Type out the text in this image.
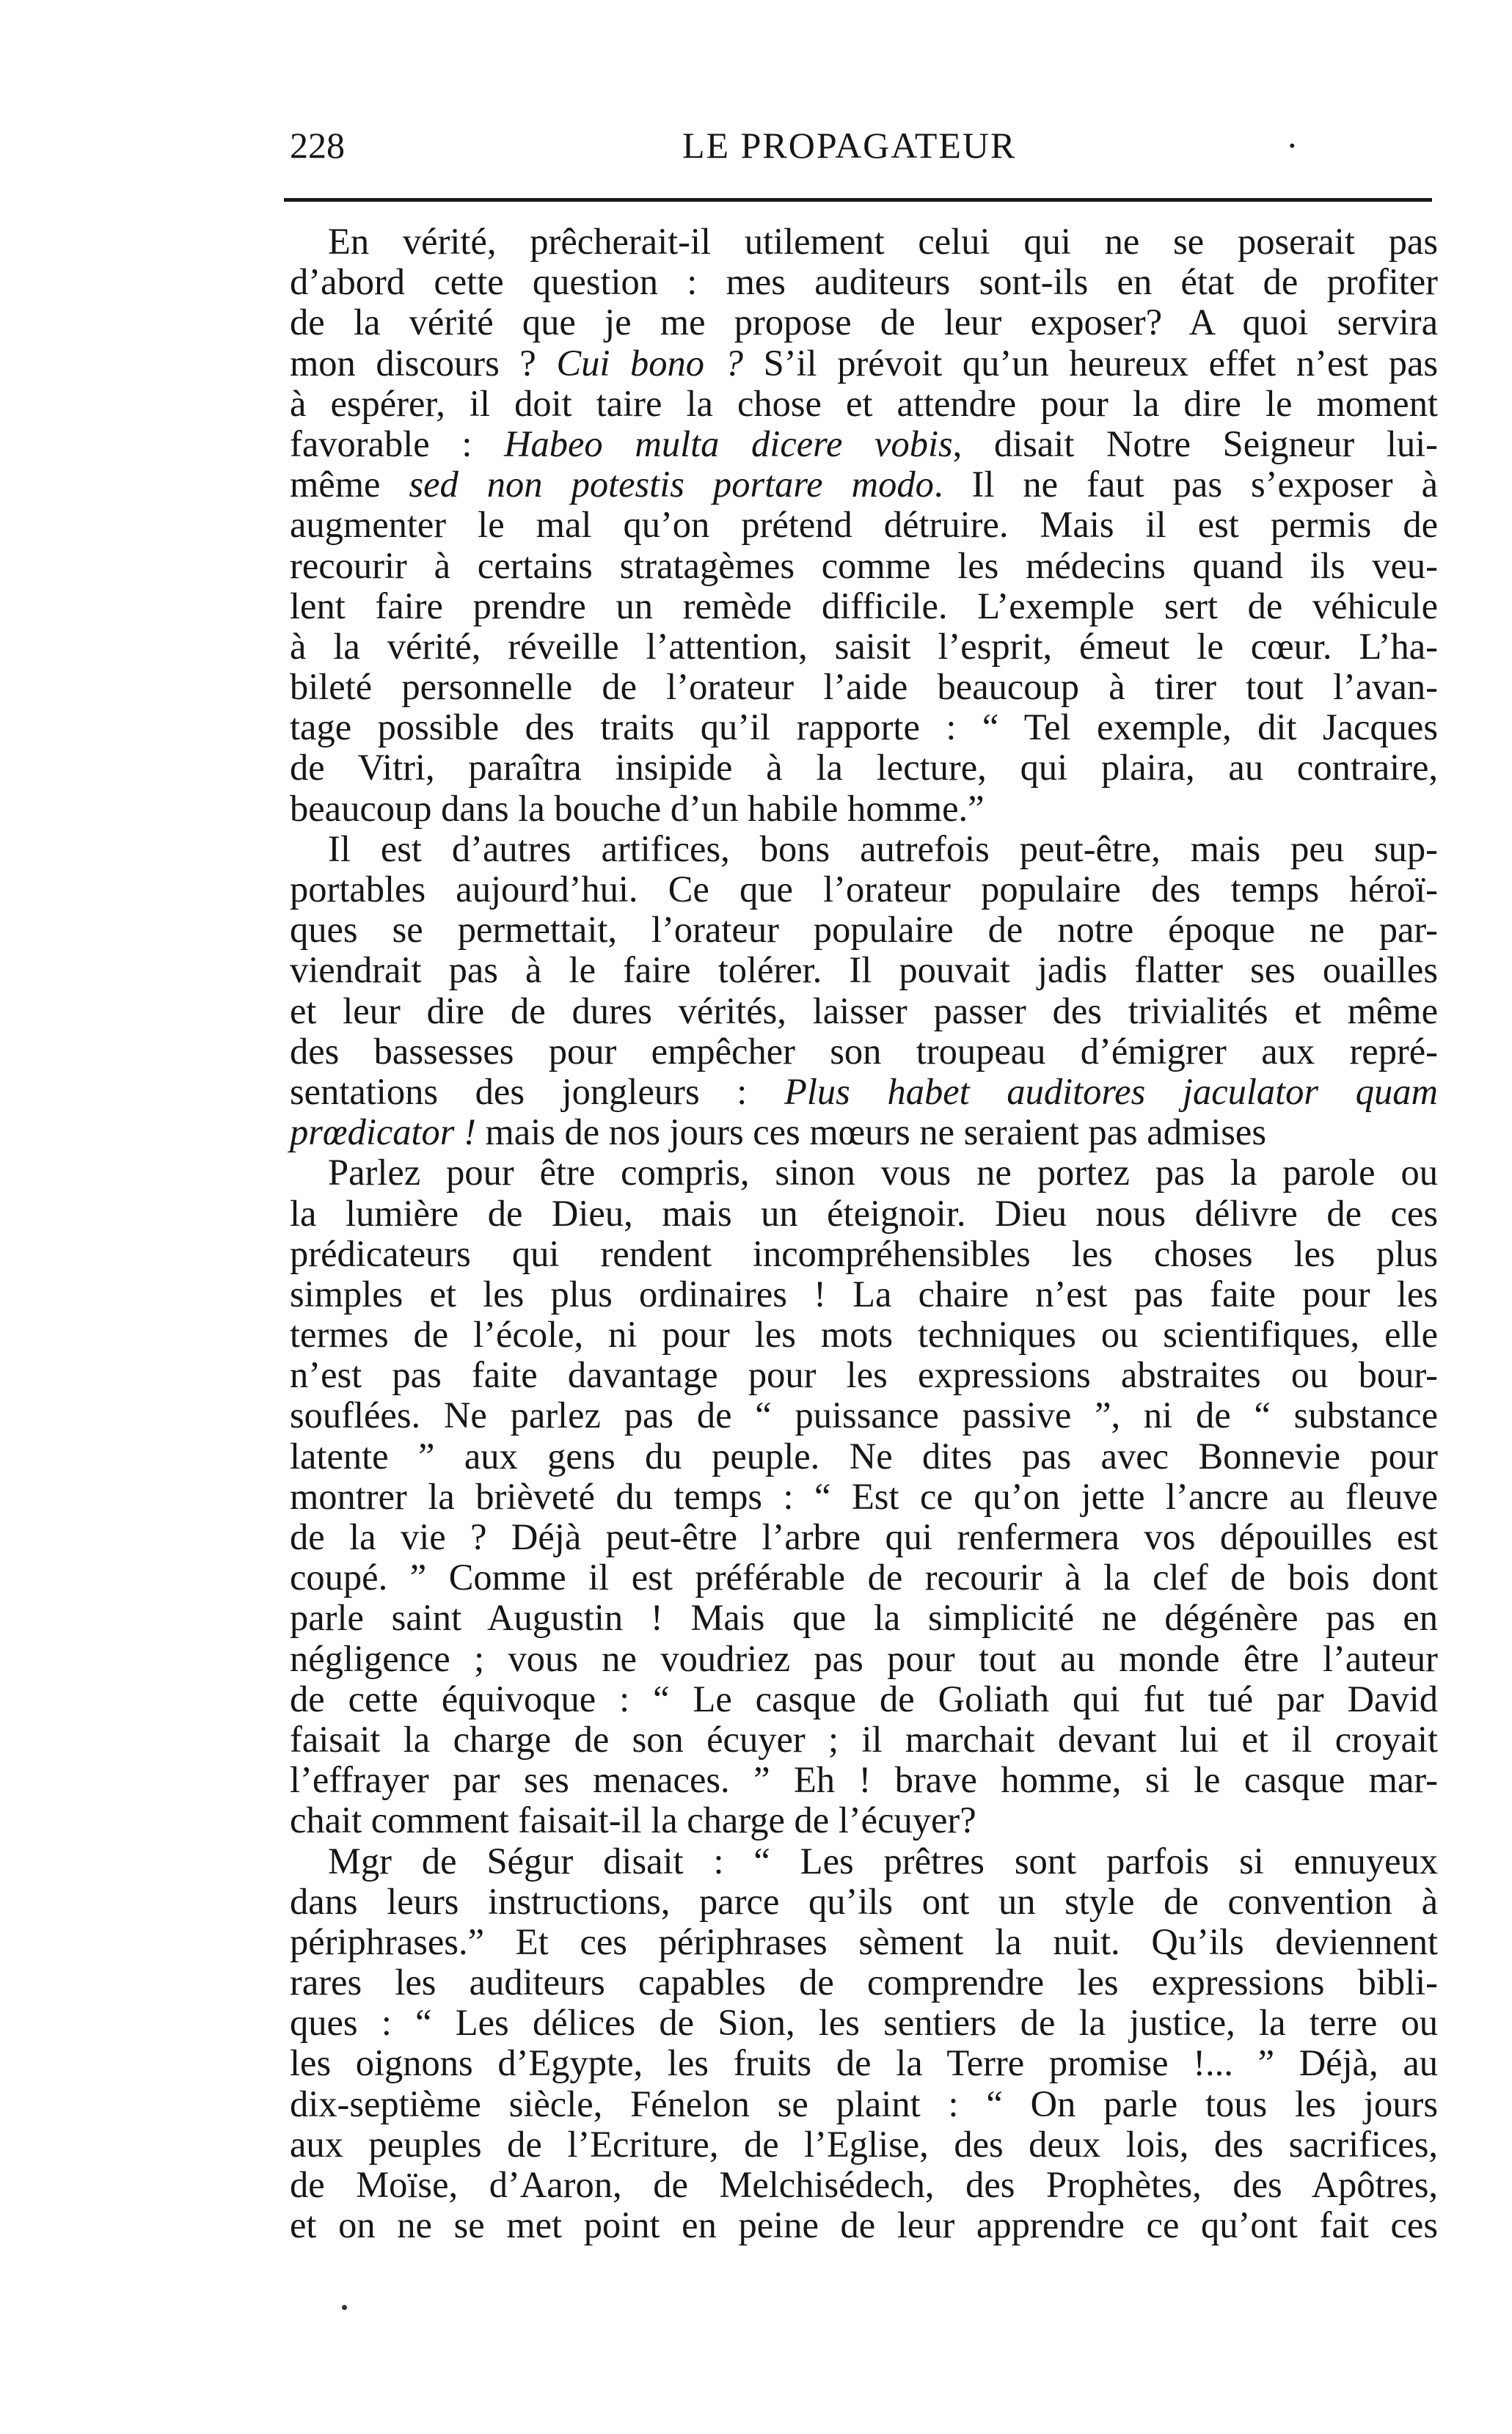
228	LE PROPAGATEUR	·
En vérité, prêcherait-il utilement celui qui ne se poserait pas
d’abord cette question : mes auditeurs sont-ils en état de profiter
de la vérité que je me propose de leur exposer? A quoi servira
mon discours ? Cui bono ? S’il prévoit qu’un heureux effet n’est pas
à espérer, il doit taire la chose et attendre pour la dire le moment
favorable : Habeo multa dicere vobis, disait Notre Seigneur lui-
même sed non potestis portare modo. Il ne faut pas s’exposer à
augmenter le mal qu’on prétend détruire. Mais il est permis de
recourir à certains stratagèmes comme les médecins quand ils veu-
lent faire prendre un remède difficile. L’exemple sert de véhicule
à la vérité, réveille l’attention, saisit l’esprit, émeut le cœur. L’ha-
bileté personnelle de l’orateur l’aide beaucoup à tirer tout l’avan-
tage possible des traits qu’il rapporte : “ Tel exemple, dit Jacques
de Vitri, paraîtra insipide à la lecture, qui plaira, au contraire,
beaucoup dans la bouche d’un habile homme.”
Il est d’autres artifices, bons autrefois peut-être, mais peu sup-
portables aujourd’hui. Ce que l’orateur populaire des temps héroï-
ques se permettait, l’orateur populaire de notre époque ne par-
viendrait pas à le faire tolérer. Il pouvait jadis flatter ses ouailles
et leur dire de dures vérités, laisser passer des trivialités et même
des bassesses pour empêcher son troupeau d’émigrer aux repré-
sentations des jongleurs : Plus habet auditores jaculator quam
prœdicator ! mais de nos jours ces mœurs ne seraient pas admises
Parlez pour être compris, sinon vous ne portez pas la parole ou
la lumière de Dieu, mais un éteignoir. Dieu nous délivre de ces
prédicateurs qui rendent incompréhensibles les choses les plus
simples et les plus ordinaires ! La chaire n’est pas faite pour les
termes de l’école, ni pour les mots techniques ou scientifiques, elle
n’est pas faite davantage pour les expressions abstraites ou bour-
souflées. Ne parlez pas de “ puissance passive ”, ni de “ substance
latente ” aux gens du peuple. Ne dites pas avec Bonnevie pour
montrer la brièveté du temps : “ Est ce qu’on jette l’ancre au fleuve
de la vie ? Déjà peut-être l’arbre qui renfermera vos dépouilles est
coupé. ” Comme il est préférable de recourir à la clef de bois dont
parle saint Augustin ! Mais que la simplicité ne dégénère pas en
négligence ; vous ne voudriez pas pour tout au monde être l’auteur
de cette équivoque : “ Le casque de Goliath qui fut tué par David
faisait la charge de son écuyer ; il marchait devant lui et il croyait
l’effrayer par ses menaces. ” Eh ! brave homme, si le casque mar-
chait comment faisait-il la charge de l’écuyer?
Mgr de Ségur disait : “ Les prêtres sont parfois si ennuyeux
dans leurs instructions, parce qu’ils ont un style de convention à
périphrases.” Et ces périphrases sèment la nuit. Qu’ils deviennent
rares les auditeurs capables de comprendre les expressions bibli-
ques : “ Les délices de Sion, les sentiers de la justice, la terre ou
les oignons d’Egypte, les fruits de la Terre promise !... ” Déjà, au
dix-septième siècle, Fénelon se plaint : “ On parle tous les jours
aux peuples de l’Ecriture, de l’Eglise, des deux lois, des sacrifices,
de Moïse, d’Aaron, de Melchisédech, des Prophètes, des Apôtres,
et on ne se met point en peine de leur apprendre ce qu’ont fait ces
